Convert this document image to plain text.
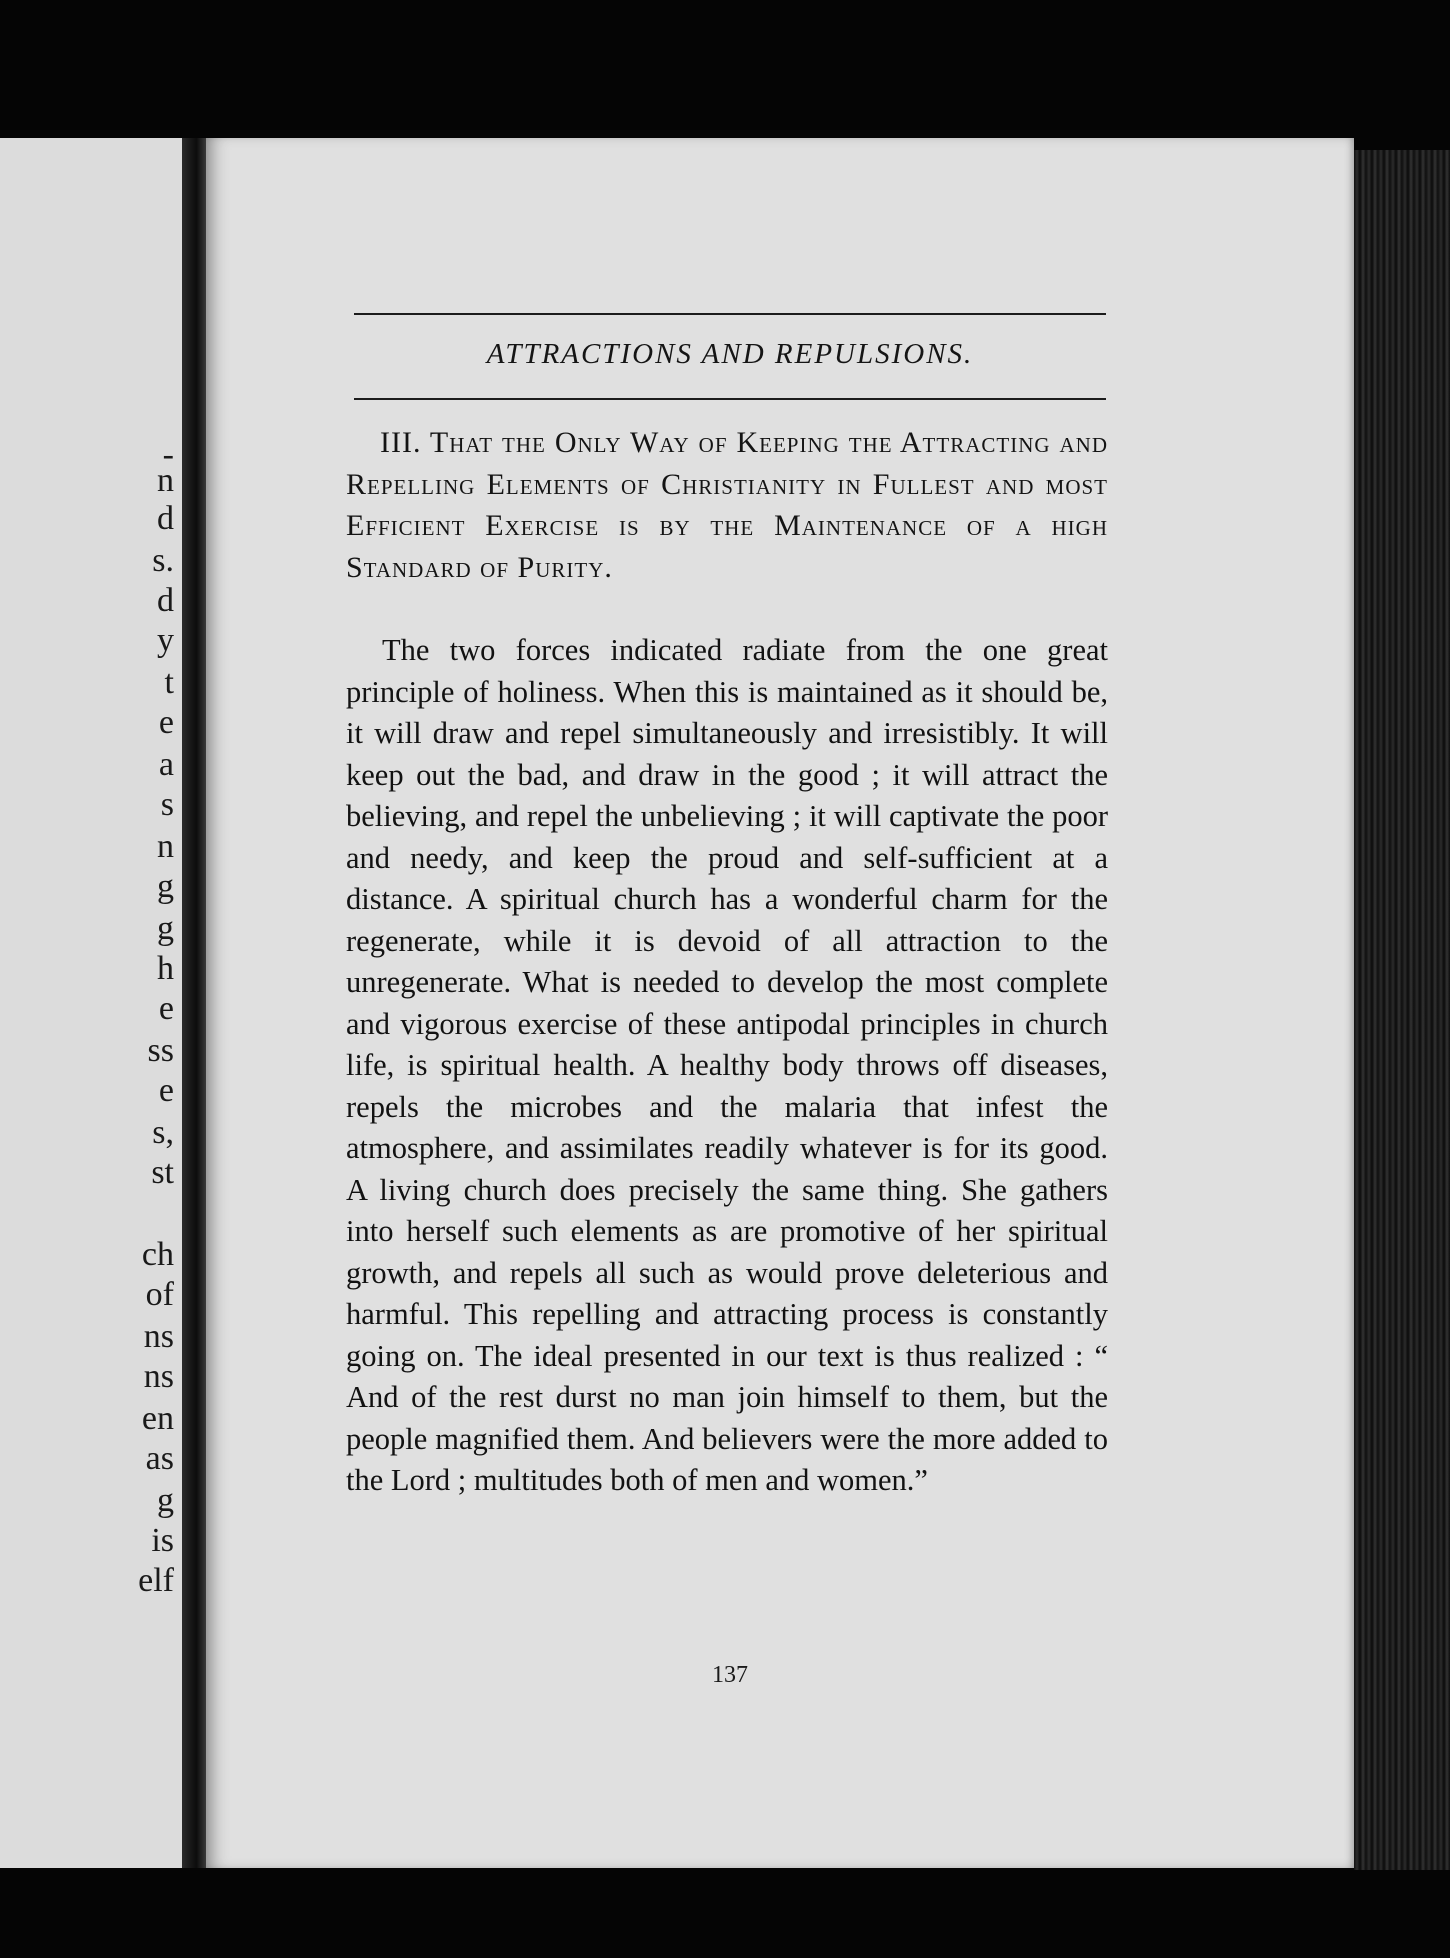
-
n
d
s.
d
y
t
e
a
s
n
g
g
h
e
ss
e
s,
st
ch
of
ns
ns
en
as
g
is
elf
ATTRACTIONS AND REPULSIONS.
III. That the Only Way of Keeping the Attracting and Repelling Elements of Christianity in Fullest and most Efficient Exercise is by the Maintenance of a high Standard of Purity.

The two forces indicated radiate from the one great principle of holiness. When this is maintained as it should be, it will draw and repel simultaneously and irresistibly. It will keep out the bad, and draw in the good ; it will attract the believing, and repel the unbelieving ; it will captivate the poor and needy, and keep the proud and self-sufficient at a distance. A spiritual church has a wonderful charm for the regenerate, while it is devoid of all attraction to the unregenerate. What is needed to develop the most complete and vigorous exercise of these antipodal principles in church life, is spiritual health. A healthy body throws off diseases, repels the microbes and the malaria that infest the atmosphere, and assimilates readily whatever is for its good. A living church does precisely the same thing. She gathers into herself such elements as are promotive of her spiritual growth, and repels all such as would prove deleterious and harmful. This repelling and attracting process is constantly going on. The ideal presented in our text is thus realized : “ And of the rest durst no man join himself to them, but the people magnified them. And believers were the more added to the Lord ; multitudes both of men and women.”

137
